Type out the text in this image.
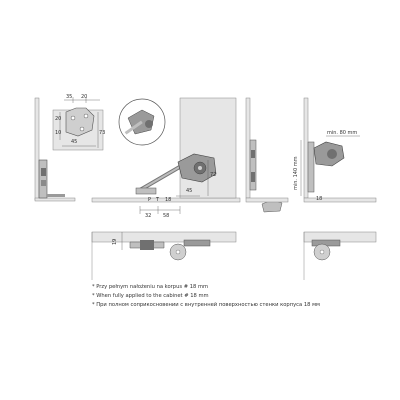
35 20
20
10	73
45
45
32 58
72
P T 18
min. 80 mm
min. 140 mm
18
19
* Przy pełnym nałożeniu na korpus # 18 mm
* When fully applied to the cabinet # 18 mm
* При полном соприкосновении с внутренней поверхностью стенки корпуса 18 мм
